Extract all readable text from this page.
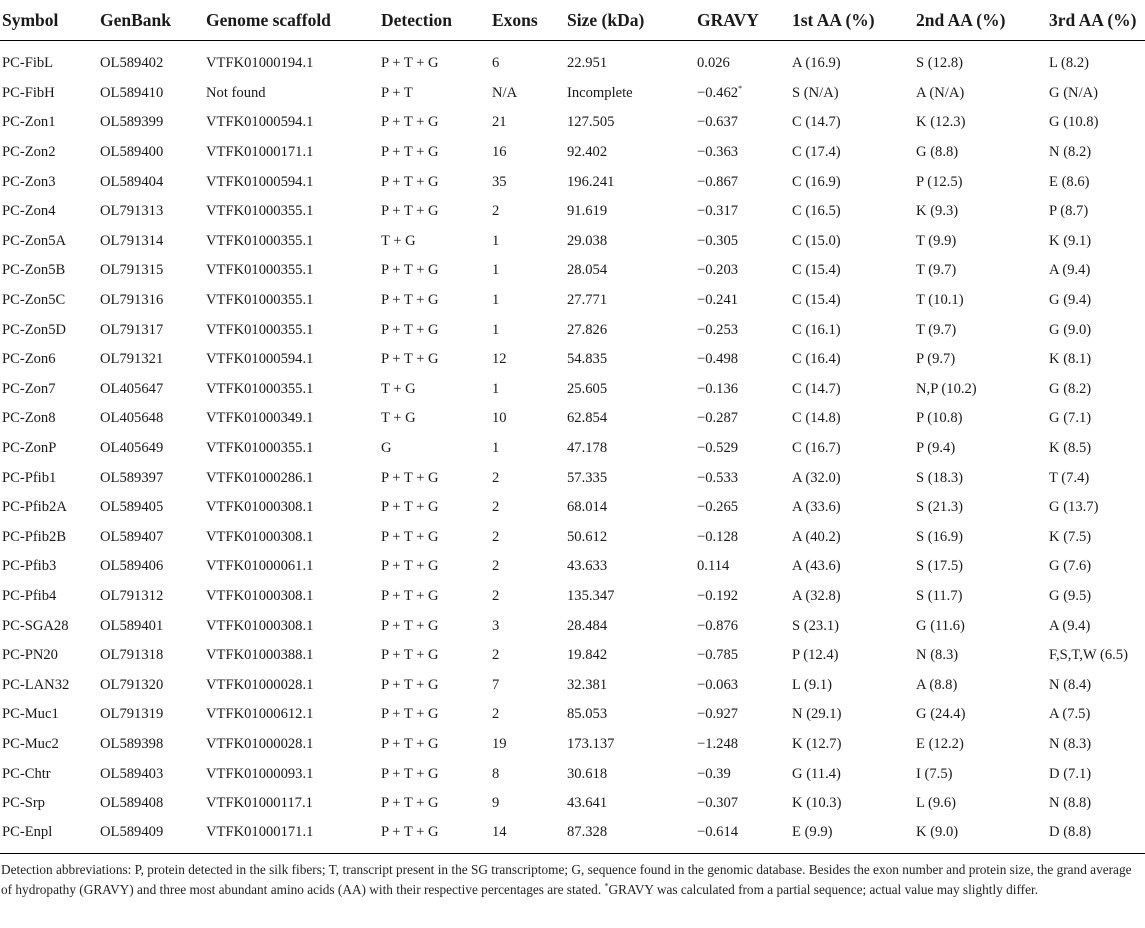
Symbol	GenBank	Genome scaffold	Detection	Exons	Size (kDa)	GRAVY	1st AA (%)	2nd AA (%)	3rd AA (%)

PC-FibL	OL589402	VTFK01000194.1	P + T + G	6	22.951	0.026	A (16.9)	S (12.8)	L (8.2)
PC-FibH	OL589410	Not found	P + T	N/A	Incomplete	−0.462*	S (N/A)	A (N/A)	G (N/A)
PC-Zon1	OL589399	VTFK01000594.1	P + T + G	21	127.505	−0.637	C (14.7)	K (12.3)	G (10.8)
PC-Zon2	OL589400	VTFK01000171.1	P + T + G	16	92.402	−0.363	C (17.4)	G (8.8)	N (8.2)
PC-Zon3	OL589404	VTFK01000594.1	P + T + G	35	196.241	−0.867	C (16.9)	P (12.5)	E (8.6)
PC-Zon4	OL791313	VTFK01000355.1	P + T + G	2	91.619	−0.317	C (16.5)	K (9.3)	P (8.7)
PC-Zon5A	OL791314	VTFK01000355.1	T + G	1	29.038	−0.305	C (15.0)	T (9.9)	K (9.1)
PC-Zon5B	OL791315	VTFK01000355.1	P + T + G	1	28.054	−0.203	C (15.4)	T (9.7)	A (9.4)
PC-Zon5C	OL791316	VTFK01000355.1	P + T + G	1	27.771	−0.241	C (15.4)	T (10.1)	G (9.4)
PC-Zon5D	OL791317	VTFK01000355.1	P + T + G	1	27.826	−0.253	C (16.1)	T (9.7)	G (9.0)
PC-Zon6	OL791321	VTFK01000594.1	P + T + G	12	54.835	−0.498	C (16.4)	P (9.7)	K (8.1)
PC-Zon7	OL405647	VTFK01000355.1	T + G	1	25.605	−0.136	C (14.7)	N,P (10.2)	G (8.2)
PC-Zon8	OL405648	VTFK01000349.1	T + G	10	62.854	−0.287	C (14.8)	P (10.8)	G (7.1)
PC-ZonP	OL405649	VTFK01000355.1	G	1	47.178	−0.529	C (16.7)	P (9.4)	K (8.5)
PC-Pfib1	OL589397	VTFK01000286.1	P + T + G	2	57.335	−0.533	A (32.0)	S (18.3)	T (7.4)
PC-Pfib2A	OL589405	VTFK01000308.1	P + T + G	2	68.014	−0.265	A (33.6)	S (21.3)	G (13.7)
PC-Pfib2B	OL589407	VTFK01000308.1	P + T + G	2	50.612	−0.128	A (40.2)	S (16.9)	K (7.5)
PC-Pfib3	OL589406	VTFK01000061.1	P + T + G	2	43.633	0.114	A (43.6)	S (17.5)	G (7.6)
PC-Pfib4	OL791312	VTFK01000308.1	P + T + G	2	135.347	−0.192	A (32.8)	S (11.7)	G (9.5)
PC-SGA28	OL589401	VTFK01000308.1	P + T + G	3	28.484	−0.876	S (23.1)	G (11.6)	A (9.4)
PC-PN20	OL791318	VTFK01000388.1	P + T + G	2	19.842	−0.785	P (12.4)	N (8.3)	F,S,T,W (6.5)
PC-LAN32	OL791320	VTFK01000028.1	P + T + G	7	32.381	−0.063	L (9.1)	A (8.8)	N (8.4)
PC-Muc1	OL791319	VTFK01000612.1	P + T + G	2	85.053	−0.927	N (29.1)	G (24.4)	A (7.5)
PC-Muc2	OL589398	VTFK01000028.1	P + T + G	19	173.137	−1.248	K (12.7)	E (12.2)	N (8.3)
PC-Chtr	OL589403	VTFK01000093.1	P + T + G	8	30.618	−0.39	G (11.4)	I (7.5)	D (7.1)
PC-Srp	OL589408	VTFK01000117.1	P + T + G	9	43.641	−0.307	K (10.3)	L (9.6)	N (8.8)
PC-Enpl	OL589409	VTFK01000171.1	P + T + G	14	87.328	−0.614	E (9.9)	K (9.0)	D (8.8)
Detection abbreviations: P, protein detected in the silk fibers; T, transcript present in the SG transcriptome; G, sequence found in the genomic database. Besides the exon number and protein size, the grand average of hydropathy (GRAVY) and three most abundant amino acids (AA) with their respective percentages are stated. *GRAVY was calculated from a partial sequence; actual value may slightly differ.
